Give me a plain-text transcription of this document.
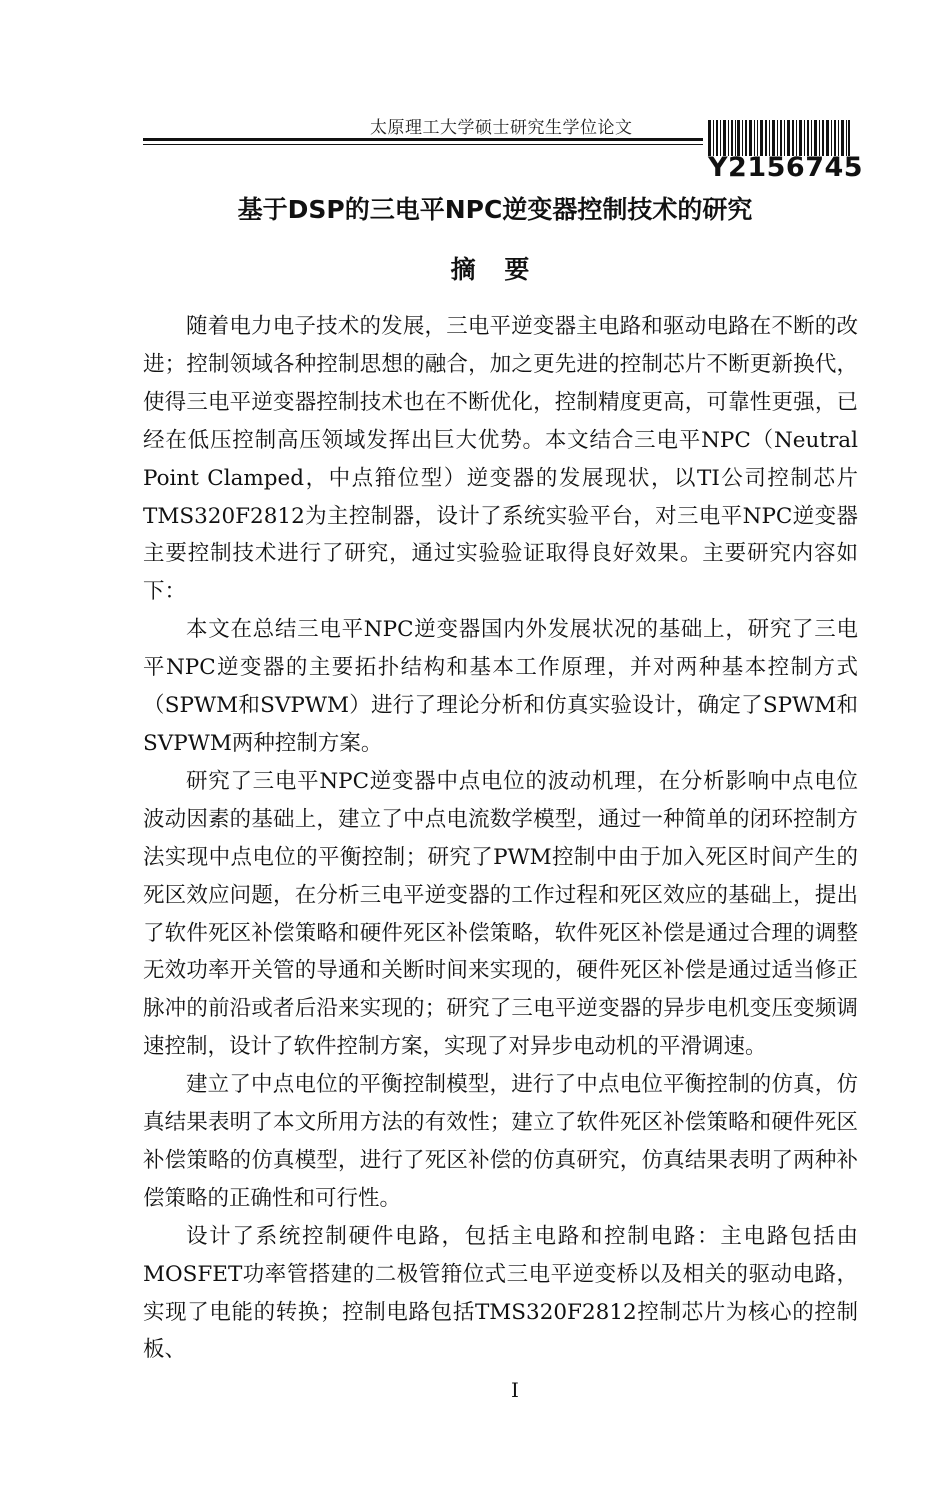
太原理工大学硕士研究生学位论文
Y2156745
基于DSP的三电平NPC逆变器控制技术的研究
摘 要

随着电力电子技术的发展，三电平逆变器主电路和驱动电路在不断的改进；控制领域各种控制思想的融合，加之更先进的控制芯片不断更新换代，使得三电平逆变器控制技术也在不断优化，控制精度更高，可靠性更强，已经在低压控制高压领域发挥出巨大优势。本文结合三电平NPC（Neutral Point Clamped，中点箝位型）逆变器的发展现状，以TI公司控制芯片TMS320F2812为主控制器，设计了系统实验平台，对三电平NPC逆变器主要控制技术进行了研究，通过实验验证取得良好效果。主要研究内容如下：

本文在总结三电平NPC逆变器国内外发展状况的基础上，研究了三电平NPC逆变器的主要拓扑结构和基本工作原理，并对两种基本控制方式（SPWM和SVPWM）进行了理论分析和仿真实验设计，确定了SPWM和SVPWM两种控制方案。

研究了三电平NPC逆变器中点电位的波动机理，在分析影响中点电位波动因素的基础上，建立了中点电流数学模型，通过一种简单的闭环控制方法实现中点电位的平衡控制；研究了PWM控制中由于加入死区时间产生的死区效应问题，在分析三电平逆变器的工作过程和死区效应的基础上，提出了软件死区补偿策略和硬件死区补偿策略，软件死区补偿是通过合理的调整无效功率开关管的导通和关断时间来实现的，硬件死区补偿是通过适当修正脉冲的前沿或者后沿来实现的；研究了三电平逆变器的异步电机变压变频调速控制，设计了软件控制方案，实现了对异步电动机的平滑调速。

建立了中点电位的平衡控制模型，进行了中点电位平衡控制的仿真，仿真结果表明了本文所用方法的有效性；建立了软件死区补偿策略和硬件死区补偿策略的仿真模型，进行了死区补偿的仿真研究，仿真结果表明了两种补偿策略的正确性和可行性。

设计了系统控制硬件电路，包括主电路和控制电路：主电路包括由MOSFET功率管搭建的二极管箝位式三电平逆变桥以及相关的驱动电路，实现了电能的转换；控制电路包括TMS320F2812控制芯片为核心的控制板、

I
